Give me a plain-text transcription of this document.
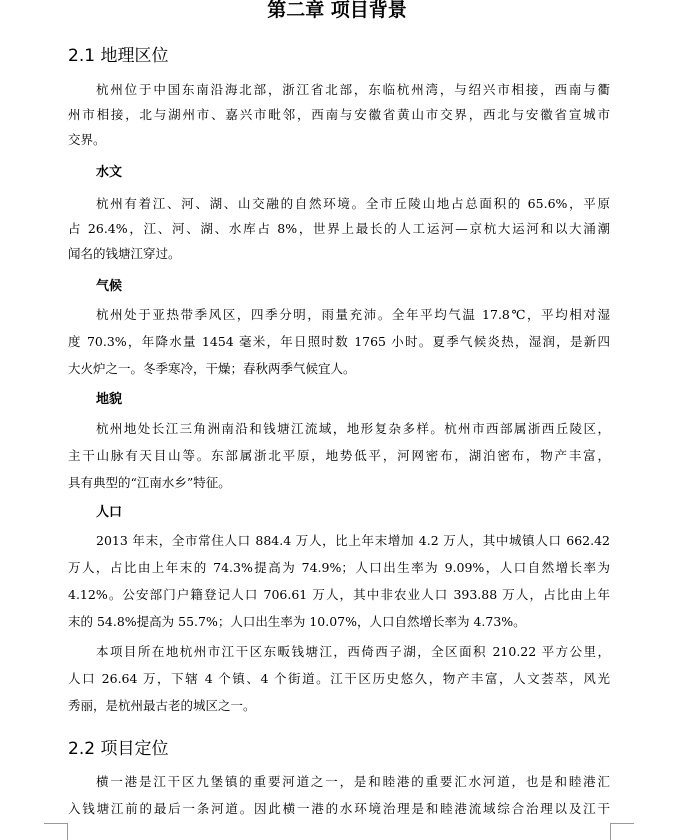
第二章 项目背景
2.1 地理区位

杭州位于中国东南沿海北部，浙江省北部，东临杭州湾，与绍兴市相接，西南与衢

州市相接，北与湖州市、嘉兴市毗邻，西南与安徽省黄山市交界，西北与安徽省宣城市

交界。

水文

杭州有着江、河、湖、山交融的自然环境。全市丘陵山地占总面积的 65.6%，平原

占 26.4%，江、河、湖、水库占 8%，世界上最长的人工运河—京杭大运河和以大涌潮

闻名的钱塘江穿过。

气候

杭州处于亚热带季风区，四季分明，雨量充沛。全年平均气温 17.8℃，平均相对湿

度 70.3%，年降水量 1454 毫米，年日照时数 1765 小时。夏季气候炎热，湿润，是新四

大火炉之一。冬季寒冷，干燥；春秋两季气候宜人。

地貌

杭州地处长江三角洲南沿和钱塘江流域，地形复杂多样。杭州市西部属浙西丘陵区，

主干山脉有天目山等。东部属浙北平原，地势低平，河网密布，湖泊密布，物产丰富，

具有典型的“江南水乡”特征。

人口

2013 年末，全市常住人口 884.4 万人，比上年末增加 4.2 万人，其中城镇人口 662.42

万人，占比由上年末的 74.3%提高为 74.9%；人口出生率为 9.09%，人口自然增长率为

4.12%。公安部门户籍登记人口 706.61 万人，其中非农业人口 393.88 万人，占比由上年

末的 54.8%提高为 55.7%；人口出生率为 10.07%，人口自然增长率为 4.73%。

本项目所在地杭州市江干区东畈钱塘江，西倚西子湖，全区面积 210.22 平方公里，

人口 26.64 万，下辖 4 个镇、4 个街道。江干区历史悠久，物产丰富，人文荟萃，风光

秀丽，是杭州最古老的城区之一。

2.2 项目定位

横一港是江干区九堡镇的重要河道之一，是和睦港的重要汇水河道，也是和睦港汇

入钱塘江前的最后一条河道。因此横一港的水环境治理是和睦港流域综合治理以及江干
